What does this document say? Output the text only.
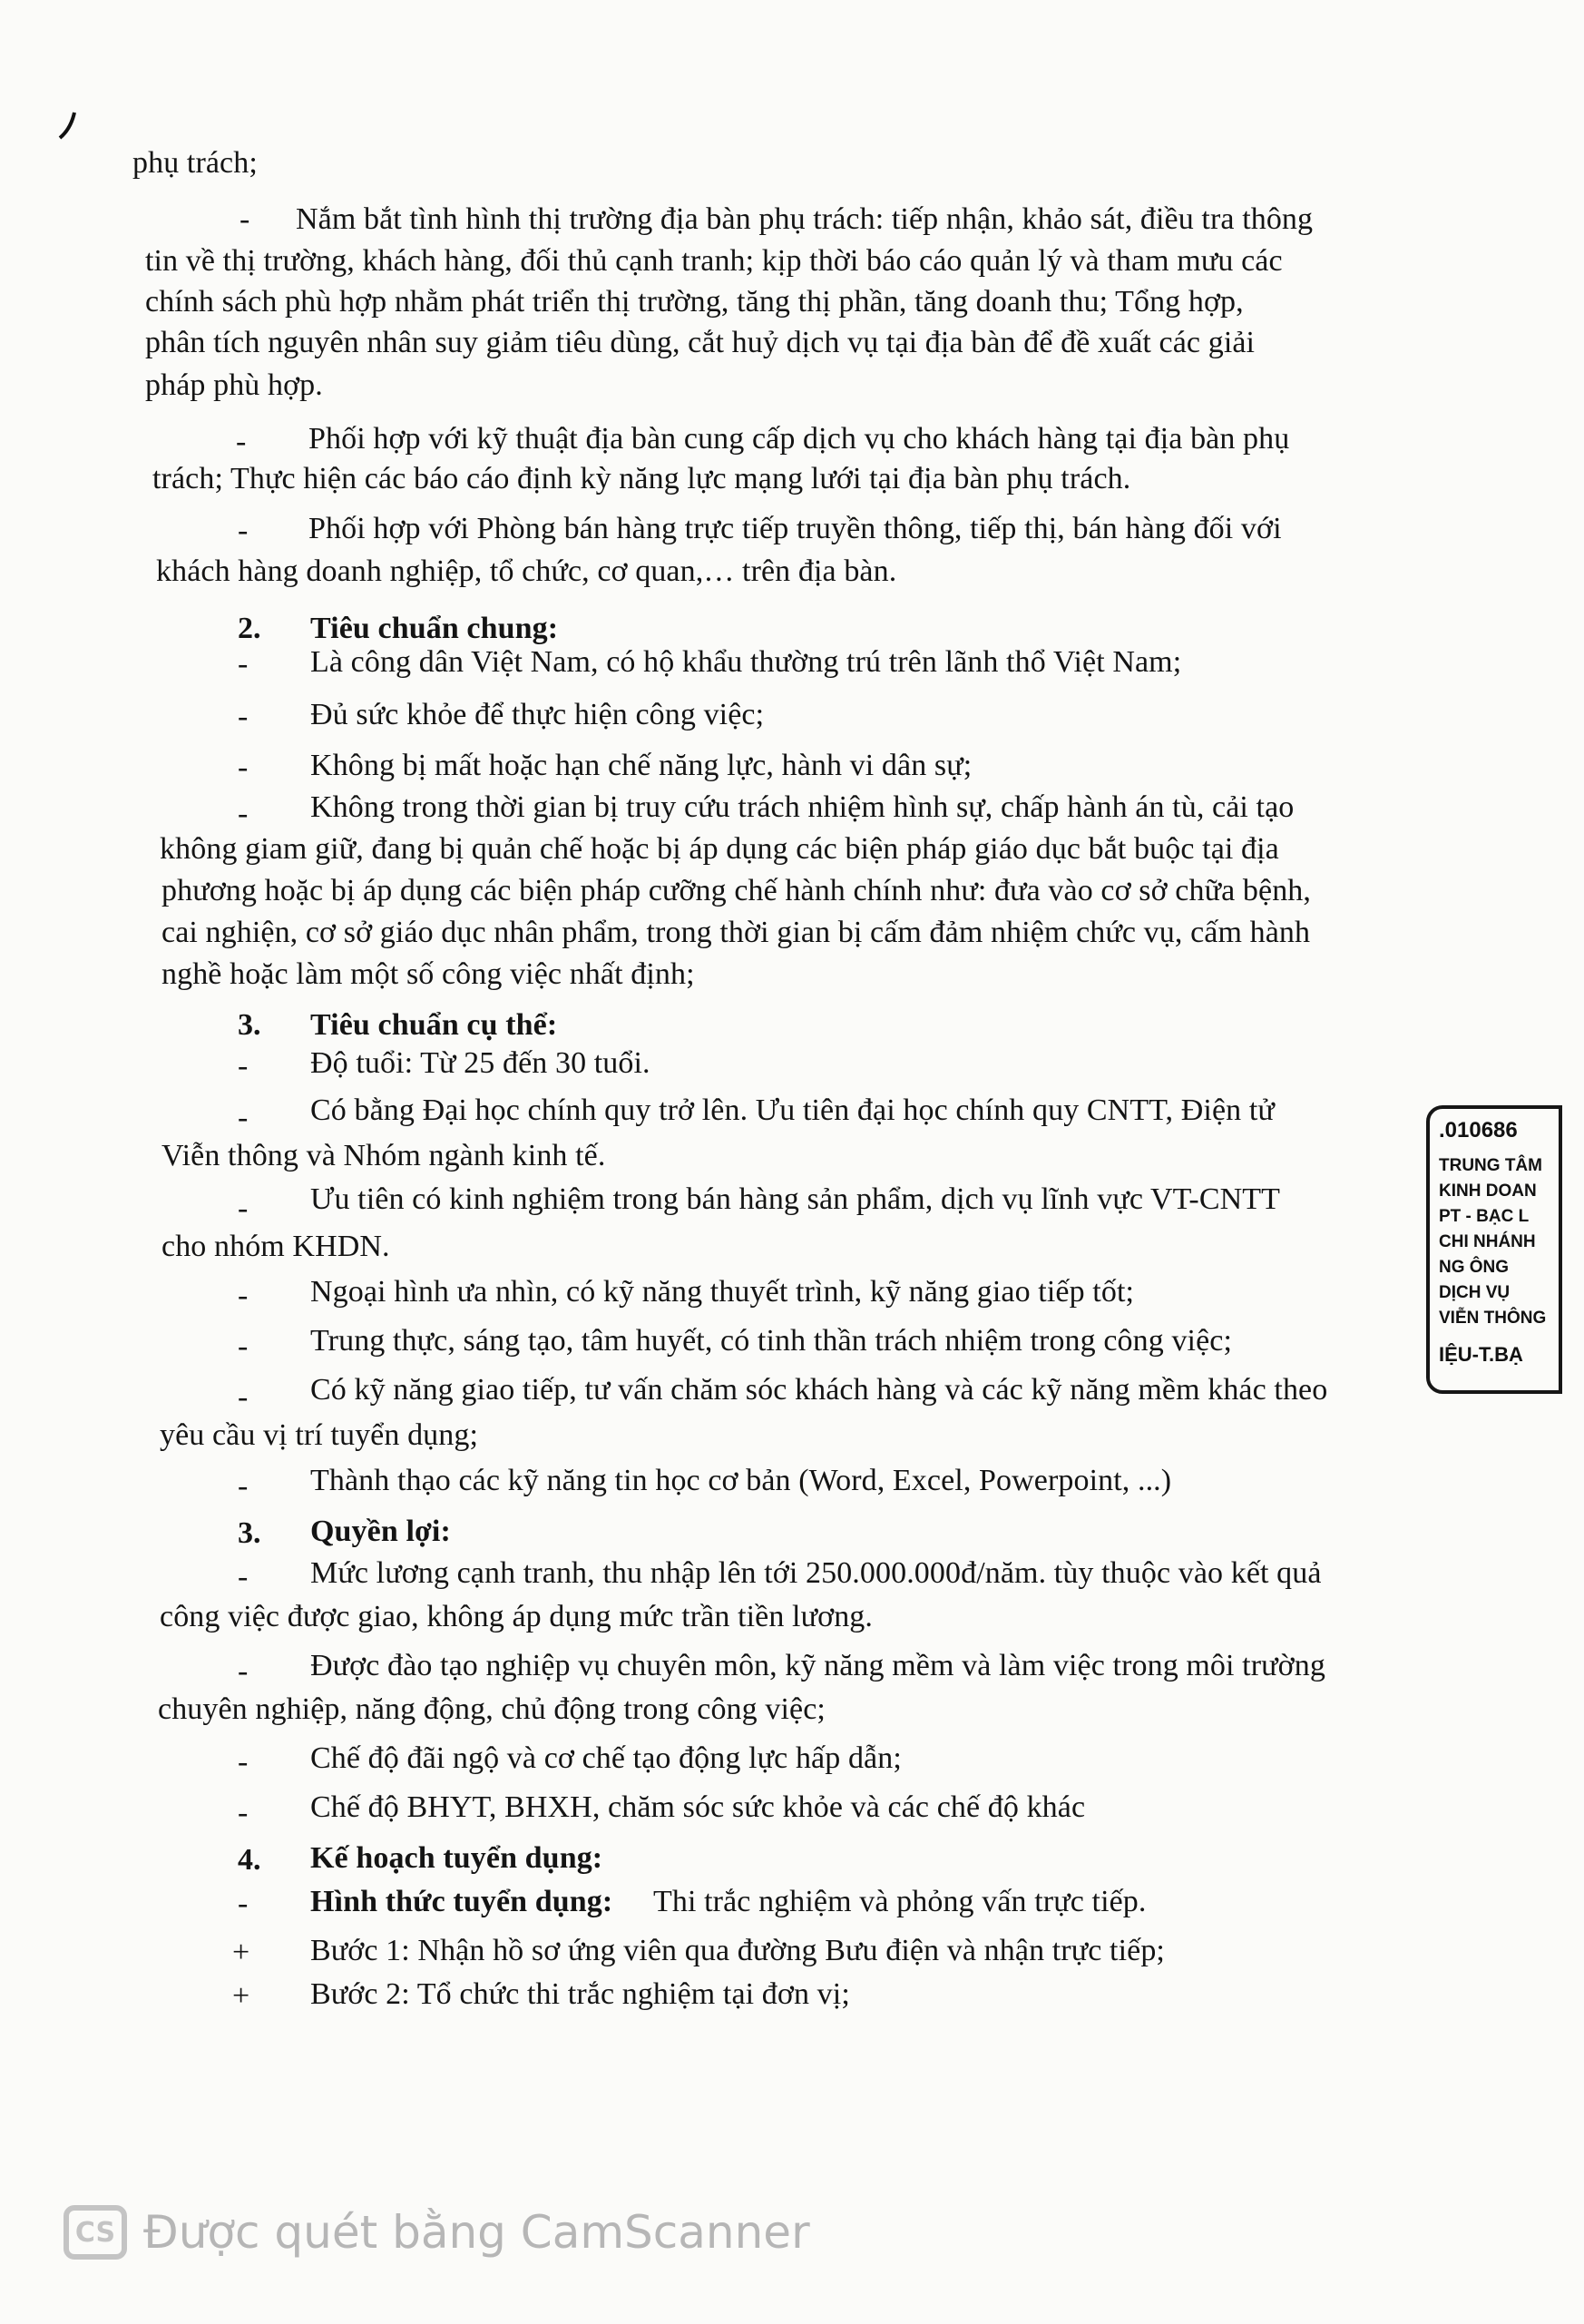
phụ trách;
- Nắm bắt tình hình thị trường địa bàn phụ trách: tiếp nhận, khảo sát, điều tra thông
tin về thị trường, khách hàng, đối thủ cạnh tranh; kịp thời báo cáo quản lý và tham mưu các
chính sách phù hợp nhằm phát triển thị trường, tăng thị phần, tăng doanh thu; Tổng hợp,
phân tích nguyên nhân suy giảm tiêu dùng, cắt huỷ dịch vụ tại địa bàn để đề xuất các giải
pháp phù hợp.
- Phối hợp với kỹ thuật địa bàn cung cấp dịch vụ cho khách hàng tại địa bàn phụ
trách; Thực hiện các báo cáo định kỳ năng lực mạng lưới tại địa bàn phụ trách.
- Phối hợp với Phòng bán hàng trực tiếp truyền thông, tiếp thị, bán hàng đối với
khách hàng doanh nghiệp, tổ chức, cơ quan,… trên địa bàn.
2. Tiêu chuẩn chung:
- Là công dân Việt Nam, có hộ khẩu thường trú trên lãnh thổ Việt Nam;
- Đủ sức khỏe để thực hiện công việc;
- Không bị mất hoặc hạn chế năng lực, hành vi dân sự;
- Không trong thời gian bị truy cứu trách nhiệm hình sự, chấp hành án tù, cải tạo
không giam giữ, đang bị quản chế hoặc bị áp dụng các biện pháp giáo dục bắt buộc tại địa
phương hoặc bị áp dụng các biện pháp cưỡng chế hành chính như: đưa vào cơ sở chữa bệnh,
cai nghiện, cơ sở giáo dục nhân phẩm, trong thời gian bị cấm đảm nhiệm chức vụ, cấm hành
nghề hoặc làm một số công việc nhất định;
3. Tiêu chuẩn cụ thể:
- Độ tuổi: Từ 25 đến 30 tuổi.
- Có bằng Đại học chính quy trở lên. Ưu tiên đại học chính quy CNTT, Điện tử
Viễn thông và Nhóm ngành kinh tế.
- Ưu tiên có kinh nghiệm trong bán hàng sản phẩm, dịch vụ lĩnh vực VT-CNTT
cho nhóm KHDN.
- Ngoại hình ưa nhìn, có kỹ năng thuyết trình, kỹ năng giao tiếp tốt;
- Trung thực, sáng tạo, tâm huyết, có tinh thần trách nhiệm trong công việc;
- Có kỹ năng giao tiếp, tư vấn chăm sóc khách hàng và các kỹ năng mềm khác theo
yêu cầu vị trí tuyển dụng;
- Thành thạo các kỹ năng tin học cơ bản (Word, Excel, Powerpoint, ...)
3. Quyền lợi:
- Mức lương cạnh tranh, thu nhập lên tới 250.000.000đ/năm. tùy thuộc vào kết quả
công việc được giao, không áp dụng mức trần tiền lương.
- Được đào tạo nghiệp vụ chuyên môn, kỹ năng mềm và làm việc trong môi trường
chuyên nghiệp, năng động, chủ động trong công việc;
- Chế độ đãi ngộ và cơ chế tạo động lực hấp dẫn;
- Chế độ BHYT, BHXH, chăm sóc sức khỏe và các chế độ khác
4. Kế hoạch tuyển dụng:
- Hình thức tuyển dụng: Thi trắc nghiệm và phỏng vấn trực tiếp.
+ Bước 1: Nhận hồ sơ ứng viên qua đường Bưu điện và nhận trực tiếp;
+ Bước 2: Tổ chức thi trắc nghiệm tại đơn vị;
.010686
TRUNG TÂM
KINH DOAN
PT - BẠC L
CHI NHÁNH
NG ÔNG
DỊCH VỤ
VIỄN THÔNG
IỆU-T.BẠ
CS Được quét bằng CamScanner
